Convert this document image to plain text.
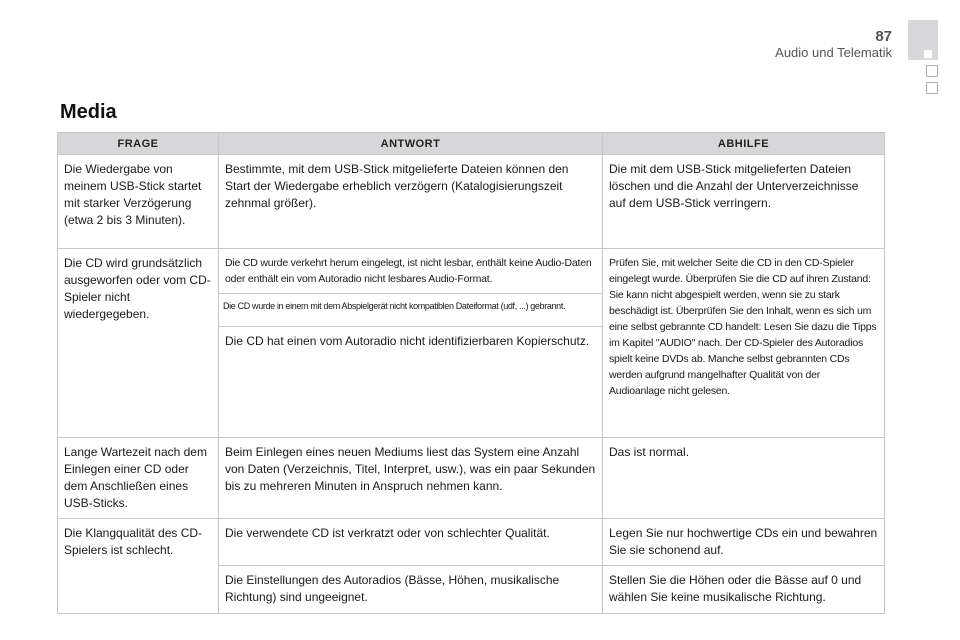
87
Audio und Telematik
Media
FRAGE	ANTWORT	ABHILFE
Die Wiedergabe von meinem USB-Stick startet mit starker Verzögerung (etwa 2 bis 3 Minuten).	Bestimmte, mit dem USB-Stick mitgelieferte Dateien können den Start der Wiedergabe erheblich verzögern (Katalogisierungszeit zehnmal größer).	Die mit dem USB-Stick mitgelieferten Dateien löschen und die Anzahl der Unterverzeichnisse auf dem USB-Stick verringern.
Die CD wird grundsätzlich ausgeworfen oder vom CD-Spieler nicht wiedergegeben.	Die CD wurde verkehrt herum eingelegt, ist nicht lesbar, enthält keine Audio-Daten oder enthält ein vom Autoradio nicht lesbares Audio-Format.	Prüfen Sie, mit welcher Seite die CD in den CD-Spieler eingelegt wurde. Überprüfen Sie die CD auf ihren Zustand: Sie kann nicht abgespielt werden, wenn sie zu stark beschädigt ist. Überprüfen Sie den Inhalt, wenn es sich um eine selbst gebrannte CD handelt: Lesen Sie dazu die Tipps im Kapitel "AUDIO" nach. Der CD-Spieler des Autoradios spielt keine DVDs ab. Manche selbst gebrannten CDs werden aufgrund mangelhafter Qualität von der Audioanlage nicht gelesen.
	Die CD wurde in einem mit dem Abspielgerät nicht kompatiblen Dateiformat (udf, ...) gebrannt.	
	Die CD hat einen vom Autoradio nicht identifizierbaren Kopierschutz.	
Lange Wartezeit nach dem Einlegen einer CD oder dem Anschließen eines USB-Sticks.	Beim Einlegen eines neuen Mediums liest das System eine Anzahl von Daten (Verzeichnis, Titel, Interpret, usw.), was ein paar Sekunden bis zu mehreren Minuten in Anspruch nehmen kann.	Das ist normal.
Die Klangqualität des CD-Spielers ist schlecht.	Die verwendete CD ist verkratzt oder von schlechter Qualität.	Legen Sie nur hochwertige CDs ein und bewahren Sie sie schonend auf.
	Die Einstellungen des Autoradios (Bässe, Höhen, musikalische Richtung) sind ungeeignet.	Stellen Sie die Höhen oder die Bässe auf 0 und wählen Sie keine musikalische Richtung.
